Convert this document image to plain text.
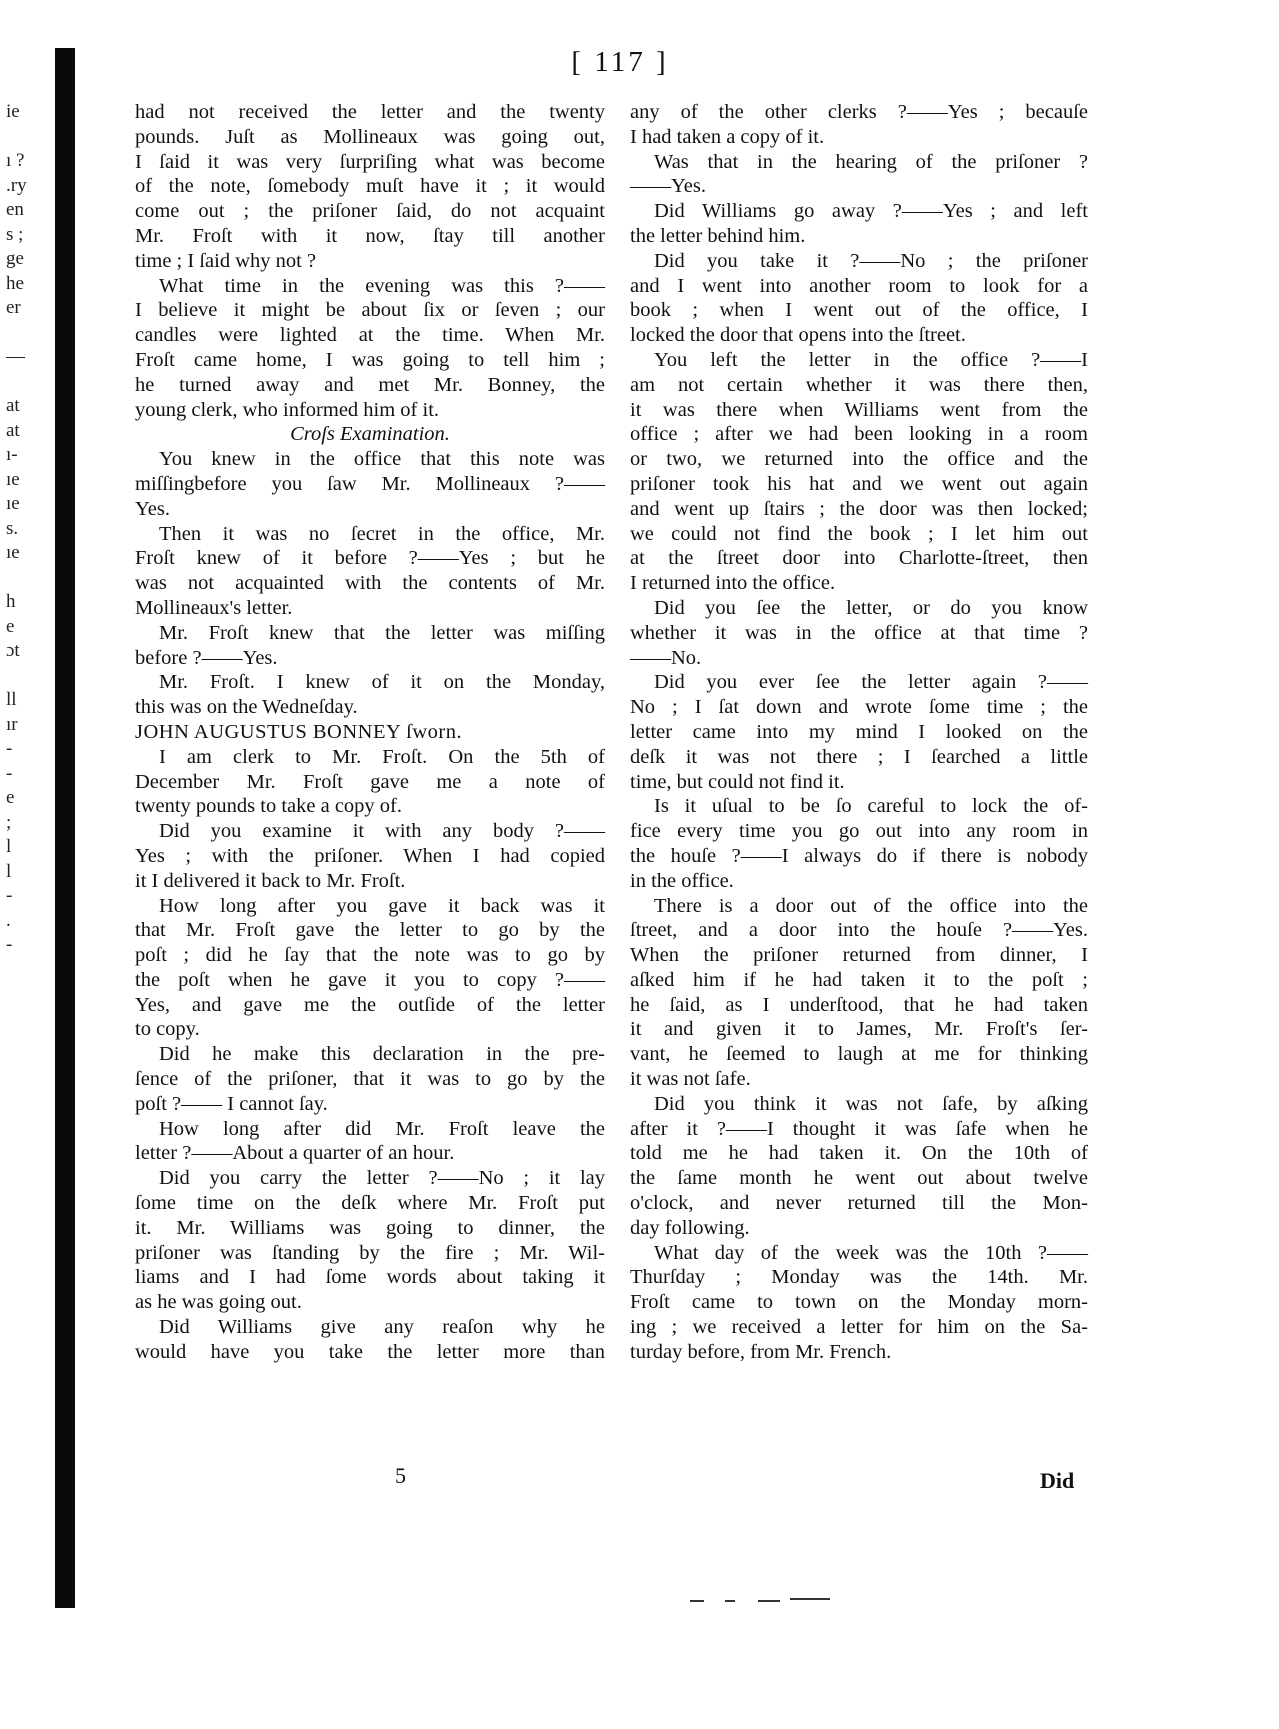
ie
ı ?
.ry
en
s ;
ge
he
er
—
at
at
ı-
ıe
ıe
s.
ıe
h
e
ɔt
ll
ır
-
-
e
;
l
l
-
.
-
[ 117 ]
had not received the letter and the twenty
pounds. Juſt as Mollineaux was going out,
I ſaid it was very ſurpriſing what was become
of the note, ſomebody muſt have it ; it would
come out ; the priſoner ſaid, do not acquaint
Mr. Froſt with it now, ſtay till another
time ; I ſaid why not ?
What time in the evening was this ?——
I believe it might be about ſix or ſeven ; our
candles were lighted at the time. When Mr.
Froſt came home, I was going to tell him ;
he turned away and met Mr. Bonney, the
young clerk, who informed him of it.
Croſs Examination.
You knew in the office that this note was
miſſingbefore you ſaw Mr. Mollineaux ?——
Yes.
Then it was no ſecret in the office, Mr.
Froſt knew of it before ?——Yes ; but he
was not acquainted with the contents of Mr.
Mollineaux's letter.
Mr. Froſt knew that the letter was miſſing
before ?——Yes.
Mr. Froſt. I knew of it on the Monday,
this was on the Wedneſday.
JOHN AUGUSTUS BONNEY ſworn.
I am clerk to Mr. Froſt. On the 5th of
December Mr. Froſt gave me a note of
twenty pounds to take a copy of.
Did you examine it with any body ?——
Yes ; with the priſoner. When I had copied
it I delivered it back to Mr. Froſt.
How long after you gave it back was it
that Mr. Froſt gave the letter to go by the
poſt ; did he ſay that the note was to go by
the poſt when he gave it you to copy ?——
Yes, and gave me the outſide of the letter
to copy.
Did he make this declaration in the pre-
ſence of the priſoner, that it was to go by the
poſt ?—— I cannot ſay.
How long after did Mr. Froſt leave the
letter ?——About a quarter of an hour.
Did you carry the letter ?——No ; it lay
ſome time on the deſk where Mr. Froſt put
it. Mr. Williams was going to dinner, the
priſoner was ſtanding by the fire ; Mr. Wil-
liams and I had ſome words about taking it
as he was going out.
Did Williams give any reaſon why he
would have you take the letter more than
any of the other clerks ?——Yes ; becauſe
I had taken a copy of it.
Was that in the hearing of the priſoner ?
——Yes.
Did Williams go away ?——Yes ; and left
the letter behind him.
Did you take it ?——No ; the priſoner
and I went into another room to look for a
book ; when I went out of the office, I
locked the door that opens into the ſtreet.
You left the letter in the office ?——I
am not certain whether it was there then,
it was there when Williams went from the
office ; after we had been looking in a room
or two, we returned into the office and the
priſoner took his hat and we went out again
and went up ſtairs ; the door was then locked;
we could not find the book ; I let him out
at the ſtreet door into Charlotte-ſtreet, then
I returned into the office.
Did you ſee the letter, or do you know
whether it was in the office at that time ?
——No.
Did you ever ſee the letter again ?——
No ; I ſat down and wrote ſome time ; the
letter came into my mind I looked on the
deſk it was not there ; I ſearched a little
time, but could not find it.
Is it uſual to be ſo careful to lock the of-
fice every time you go out into any room in
the houſe ?——I always do if there is nobody
in the office.
There is a door out of the office into the
ſtreet, and a door into the houſe ?——Yes.
When the priſoner returned from dinner, I
aſked him if he had taken it to the poſt ;
he ſaid, as I underſtood, that he had taken
it and given it to James, Mr. Froſt's ſer-
vant, he ſeemed to laugh at me for thinking
it was not ſafe.
Did you think it was not ſafe, by aſking
after it ?——I thought it was ſafe when he
told me he had taken it. On the 10th of
the ſame month he went out about twelve
o'clock, and never returned till the Mon-
day following.
What day of the week was the 10th ?——
Thurſday ; Monday was the 14th. Mr.
Froſt came to town on the Monday morn-
ing ; we received a letter for him on the Sa-
turday before, from Mr. French.
5	Did
